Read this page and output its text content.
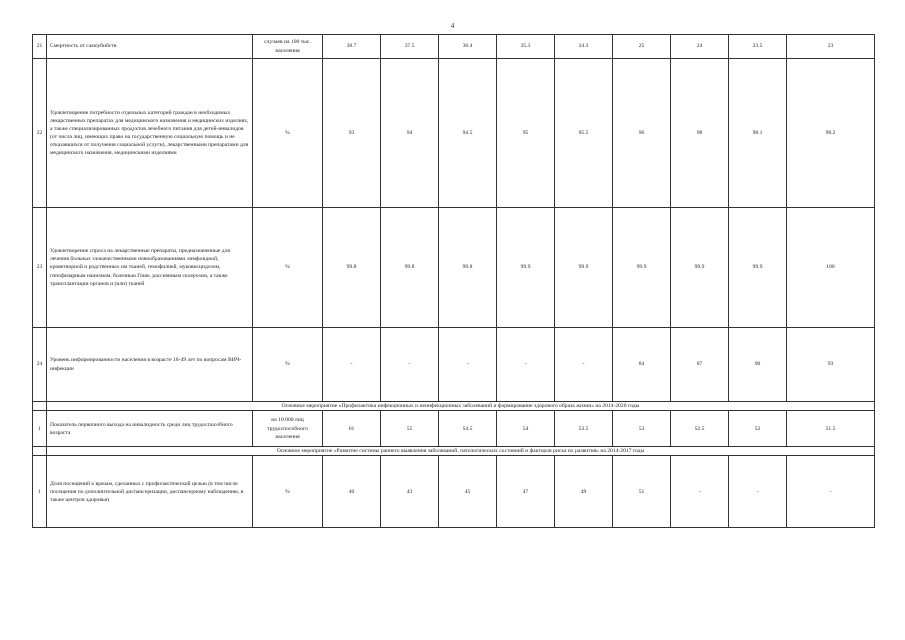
4
21	Смертность от самоубийств	случаев на 100 тыс. населения	38.7	37.5	36.4	35.3	34.3	25	24	23.5	23
22	Удовлетворение потребности отдельных категорий граждан в необходимых лекарственных препаратах для медицинского назначения и медицинских изделиях, а также специализированных продуктов лечебного питания для детей-инвалидов (от числа лиц, имеющих право на государственную социальную помощь и не отказавшихся от получения социальной услуги), лекарственными препаратами для медицинского назначения, медицинскими изделиями	%	93	94	94.5	95	95.5	96	98	98.1	98.2
23	Удовлетворение спроса на лекарственные препараты, предназначенные для лечения больных злокачественными новообразованиями лимфоидной, кроветворной и родственных им тканей, гемофилией, муковисцидозом, гипофизарным нанизмом, болезнью Гоше, рассеянным склерозом, а также трансплантации органов и (или) тканей	%	99.8	99.8	99.8	99.9	99.9	99.9	99.9	99.9	100
24	Уровень информированности населения в возрасте 18-49 лет по вопросам ВИЧ-инфекции	%	-	-	-	-	-	84	87	90	93
	Основное мероприятие «Профилактика инфекционных и неинфекционных заболеваний и формирование здорового образа жизни» на 2014-2020 годы										
1	Показатель первичного выхода на инвалидность среди лиц трудоспособного возраста	на 10 000 лиц трудоспособного населения	61	55	54.5	54	53.5	53	52.5	52	51.5
	Основное мероприятие «Развитие системы раннего выявления заболеваний, патологических состояний и факторов риска их развития» на 2014-2017 годы										
1	Доля посещений к врачам, сделанных с профилактической целью (в том числе посещения по дополнительной диспансеризации, диспансерному наблюдению, в также центров здоровья)	%	40	43	45	47	49	51	-	-	-
